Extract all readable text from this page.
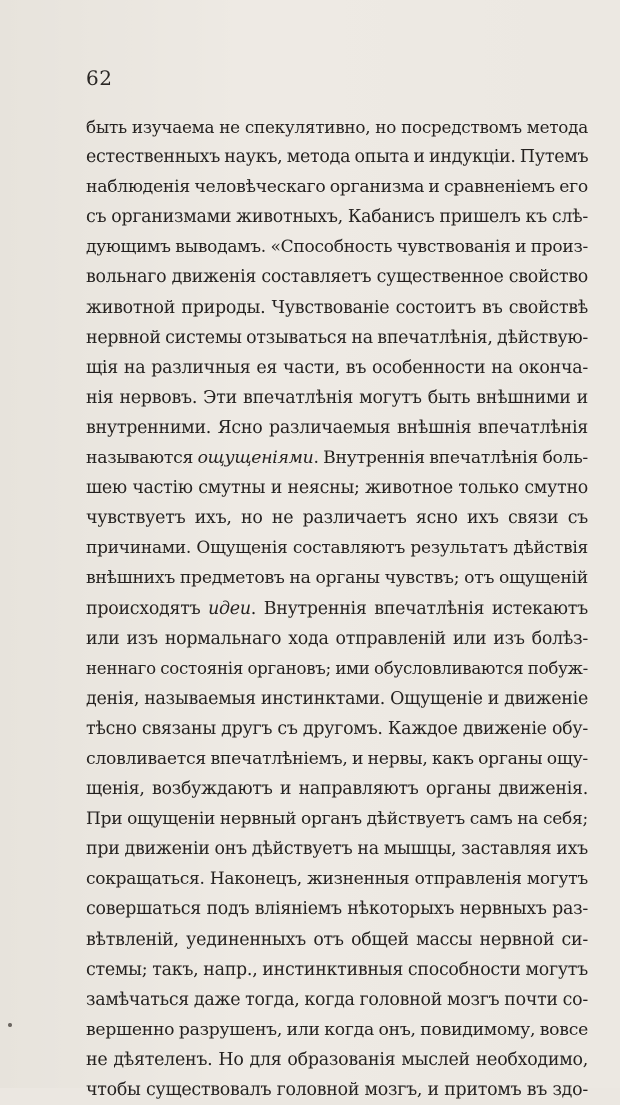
62
быть изучаема не спекулятивно, но посредствомъ метода
естественныхъ наукъ, метода опыта и индукціи. Путемъ
наблюденія человѣческаго организма и сравненіемъ его
съ организмами животныхъ, Кабанисъ пришелъ къ слѣ-
дующимъ выводамъ. «Способность чувствованія и произ-
вольнаго движенія составляетъ существенное свойство
животной природы. Чувствованіе состоитъ въ свойствѣ
нервной системы отзываться на впечатлѣнія, дѣйствую-
щія на различныя ея части, въ особенности на оконча-
нія нервовъ. Эти впечатлѣнія могутъ быть внѣшними и
внутренними. Ясно различаемыя внѣшнія впечатлѣнія
называются ощущеніями. Внутреннія впечатлѣнія боль-
шею частію смутны и неясны; животное только смутно
чувствуетъ ихъ, но не различаетъ ясно ихъ связи съ
причинами. Ощущенія составляютъ результатъ дѣйствія
внѣшнихъ предметовъ на органы чувствъ; отъ ощущеній
происходятъ идеи. Внутреннія впечатлѣнія истекаютъ
или изъ нормальнаго хода отправленій или изъ болѣз-
неннаго состоянія органовъ; ими обусловливаются побуж-
денія, называемыя инстинктами. Ощущеніе и движеніе
тѣсно связаны другъ съ другомъ. Каждое движеніе обу-
словливается впечатлѣніемъ, и нервы, какъ органы ощу-
щенія, возбуждаютъ и направляютъ органы движенія.
При ощущеніи нервный органъ дѣйствуетъ самъ на себя;
при движеніи онъ дѣйствуетъ на мышцы, заставляя ихъ
сокращаться. Наконецъ, жизненныя отправленія могутъ
совершаться подъ вліяніемъ нѣкоторыхъ нервныхъ раз-
вѣтвленій, уединенныхъ отъ общей массы нервной си-
стемы; такъ, напр., инстинктивныя способности могутъ
замѣчаться даже тогда, когда головной мозгъ почти со-
вершенно разрушенъ, или когда онъ, повидимому, вовсе
не дѣятеленъ. Но для образованія мыслей необходимо,
чтобы существовалъ головной мозгъ, и притомъ въ здо-
